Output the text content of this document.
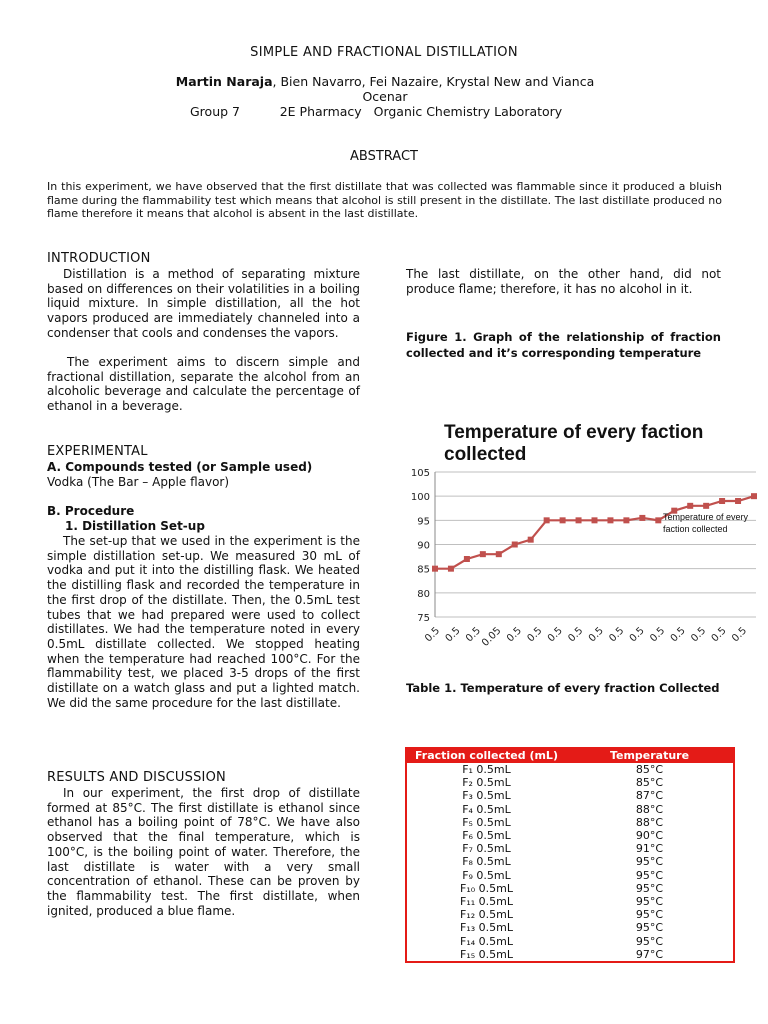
SIMPLE AND FRACTIONAL DISTILLATION
Martin Naraja, Bien Navarro, Fei Nazaire, Krystal New and Vianca Ocenar
Group 7          2E Pharmacy   Organic Chemistry Laboratory
ABSTRACT
In this experiment, we have observed that the first distillate that was collected was flammable since it produced a bluish flame during the flammability test which means that alcohol is still present in the distillate. The last distillate produced no flame therefore it means that alcohol is absent in the last distillate.
INTRODUCTION
Distillation is a method of separating mixture based on differences on their volatilities in a boiling liquid mixture. In simple distillation, all the hot vapors produced are immediately channeled into a condenser that cools and condenses the vapors.
The experiment aims to discern simple and fractional distillation, separate the alcohol from an alcoholic beverage and calculate the percentage of ethanol in a beverage.
EXPERIMENTAL
A. Compounds tested (or Sample used)
Vodka (The Bar – Apple flavor)
B. Procedure
1. Distillation Set-up
The set-up that we used in the experiment is the simple distillation set-up. We measured 30 mL of vodka and put it into the distilling flask. We heated the distilling flask and recorded the temperature in the first drop of the distillate. Then, the 0.5mL test tubes that we had prepared were used to collect distillates. We had the temperature noted in every 0.5mL distillate collected. We stopped heating when the temperature had reached 100°C. For the flammability test, we placed 3-5 drops of the first distillate on a watch glass and put a lighted match. We did the same procedure for the last distillate.
RESULTS AND DISCUSSION
In our experiment, the first drop of distillate formed at 85°C. The first distillate is ethanol since ethanol has a boiling point of 78°C. We have also observed that the final temperature, which is 100°C, is the boiling point of water. Therefore, the last distillate is water with a very small concentration of ethanol. These can be proven by the flammability test. The first distillate, when ignited, produced a blue flame.
The last distillate, on the other hand, did not produce flame; therefore, it has no alcohol in it.
Figure 1. Graph of the relationship of fraction collected and it’s corresponding temperature
Temperature of every faction collected
75
80
85
90
95
100
105
0.5 0.5 0.5
0.05 0.5 0.5 0.5 0.5 0.5 0.5 0.5 0.5 0.5 0.5 0.5 0.5
Temperature of every faction collected
Table 1. Temperature of every fraction Collected
Fraction collected (mL)	Temperature
F₁ 0.5mL	85°C
F₂ 0.5mL	85°C
F₃ 0.5mL	87°C
F₄ 0.5mL	88°C
F₅ 0.5mL	88°C
F₆ 0.5mL	90°C
F₇ 0.5mL	91°C
F₈ 0.5mL	95°C
F₉ 0.5mL	95°C
F₁₀ 0.5mL	95°C
F₁₁ 0.5mL	95°C
F₁₂ 0.5mL	95°C
F₁₃ 0.5mL	95°C
F₁₄ 0.5mL	95°C
F₁₅ 0.5mL	97°C
